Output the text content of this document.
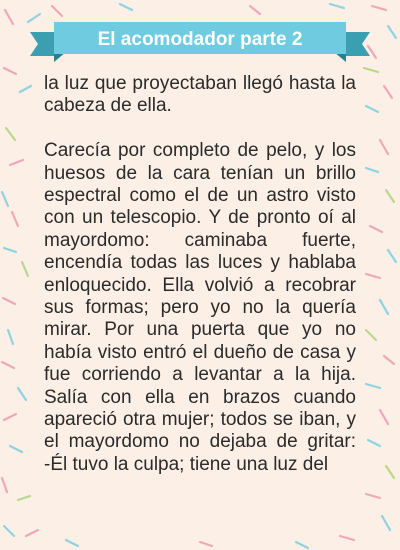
El acomodador parte 2

la luz que proyectaban llegó hasta la cabeza de ella.

Carecía por completo de pelo, y los huesos de la cara tenían un brillo espectral como el de un astro visto con un telescopio. Y de pronto oí al mayordomo: caminaba fuerte, encendía todas las luces y hablaba enloquecido. Ella volvió a recobrar sus formas; pero yo no la quería mirar. Por una puerta que yo no había visto entró el dueño de casa y fue corriendo a levantar a la hija. Salía con ella en brazos cuando apareció otra mujer; todos se iban, y el mayordomo no dejaba de gritar: -Él tuvo la culpa; tiene una luz del
